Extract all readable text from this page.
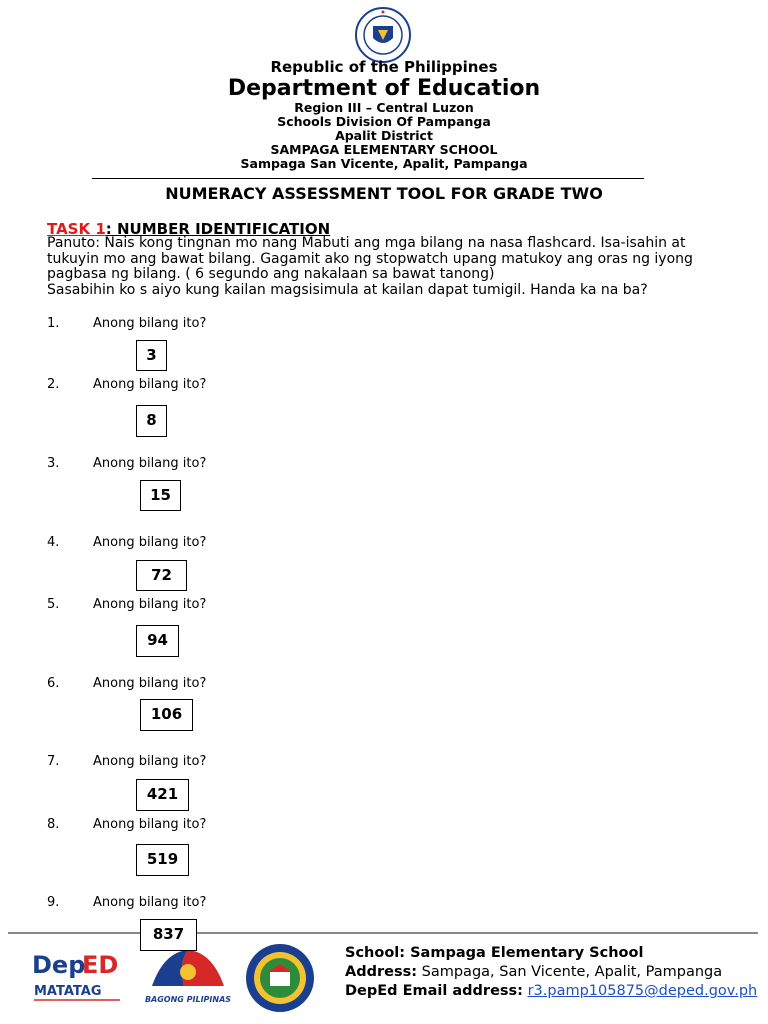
Republic of the Philippines
Department of Education
Region III – Central Luzon
Schools Division Of Pampanga
Apalit District
SAMPAGA ELEMENTARY SCHOOL
Sampaga San Vicente, Apalit, Pampanga
NUMERACY ASSESSMENT TOOL FOR GRADE TWO
TASK 1: NUMBER IDENTIFICATION
Panuto: Nais kong tingnan mo nang Mabuti ang mga bilang na nasa flashcard. Isa-isahin at tukuyin mo ang bawat bilang. Gagamit ako ng stopwatch upang matukoy ang oras ng iyong pagbasa ng bilang. ( 6 segundo ang nakalaan sa bawat tanong)
Sasabihin ko s aiyo kung kailan magsisimula at kailan dapat tumigil. Handa ka na ba?
1.	Anong bilang ito?
3
2.	Anong bilang ito?
8
3.	Anong bilang ito?
15
4.	Anong bilang ito?
72
5.	Anong bilang ito?
94
6.	Anong bilang ito?
106
7.	Anong bilang ito?
421
8.	Anong bilang ito?
519
9.	Anong bilang ito?
837
Dep
ED
MATATAG
BAGONG PILIPINAS
School: Sampaga Elementary School
Address: Sampaga, San Vicente, Apalit, Pampanga
DepEd Email address: r3.pamp105875@deped.gov.ph
